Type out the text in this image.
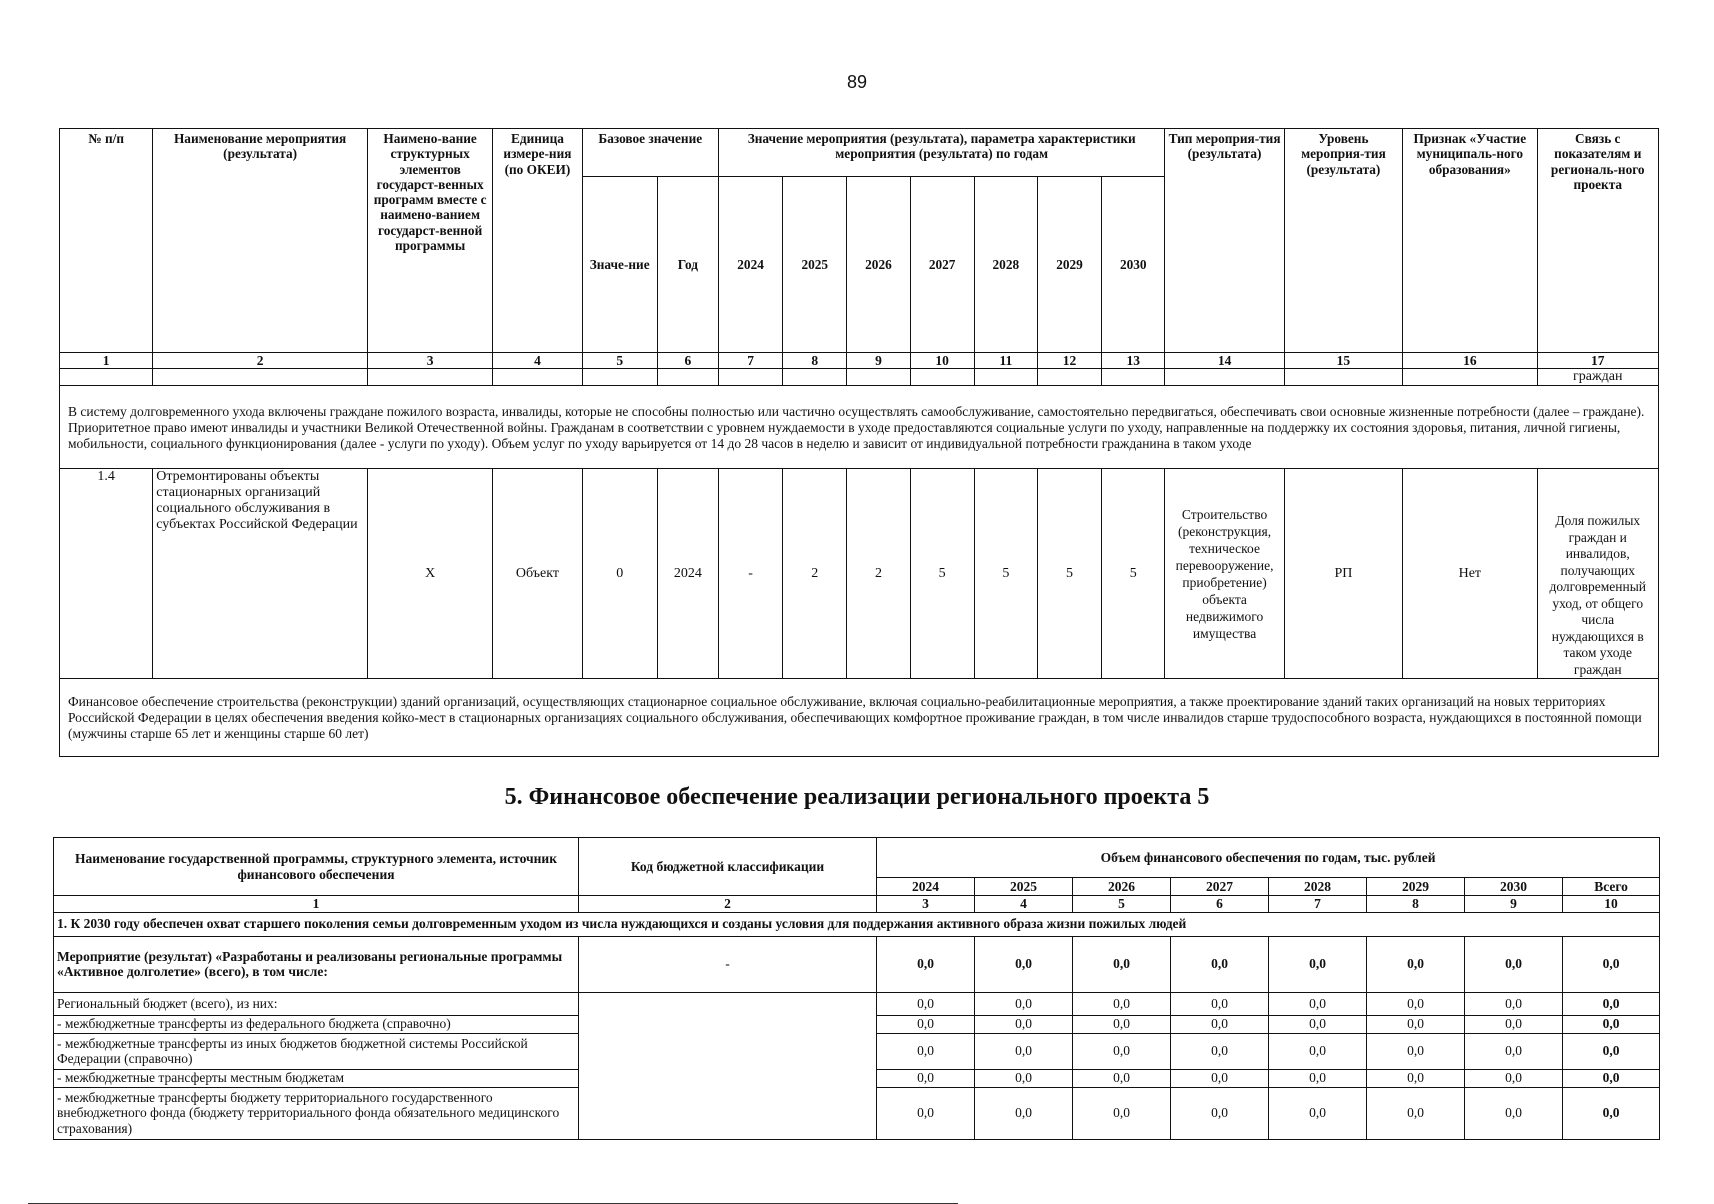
89
№ п/п	Наименование мероприятия (результата)	Наимено-вание структурных элементов государст-венных программ вместе с наимено-ванием государст-венной программы	Единица измере-ния (по ОКЕИ)	Базовое значение		Значение мероприятия (результата), параметра характеристики мероприятия (результата) по годам							Тип мероприя-тия (результата)	Уровень мероприя-тия (результата)	Признак «Участие муниципаль-ного образования»	Связь с показателям и региональ-ного проекта
				Значе-ние	Год	2024	2025	2026	2027	2028	2029	2030				
1	2	3	4	5	6	7	8	9	10	11	12	13	14	15	16	17
																граждан
В систему долговременного ухода включены граждане пожилого возраста, инвалиды, которые не способны полностью или частично осуществлять самообслуживание, самостоятельно передвигаться, обеспечивать свои основные жизненные потребности (далее – граждане). Приоритетное право имеют инвалиды и участники Великой Отечественной войны. Гражданам в соответствии с уровнем нуждаемости в уходе предоставляются социальные услуги по уходу, направленные на поддержку их состояния здоровья, питания, личной гигиены, мобильности, социального функционирования (далее - услуги по уходу). Объем услуг по уходу варьируется от 14 до 28 часов в неделю и зависит от индивидуальной потребности гражданина в таком уходе																
1.4	Отремонтированы объекты стационарных организаций социального обслуживания в субъектах Российской Федерации	Х	Объект	0	2024	-	2	2	5	5	5	5	Строительство (реконструкция, техническое перевооружение, приобретение) объекта недвижимого имущества	РП	Нет	Доля пожилых граждан и инвалидов, получающих долговременный уход, от общего числа нуждающихся в таком уходе граждан
Финансовое обеспечение строительства (реконструкции) зданий организаций, осуществляющих стационарное социальное обслуживание, включая социально-реабилитационные мероприятия, а также проектирование зданий таких организаций на новых территориях Российской Федерации в целях обеспечения введения койко-мест в стационарных организациях социального обслуживания, обеспечивающих комфортное проживание граждан, в том числе инвалидов старше трудоспособного возраста, нуждающихся в постоянной помощи (мужчины старше 65 лет и женщины старше 60 лет)																
5. Финансовое обеспечение реализации регионального проекта 5
Наименование государственной программы, структурного элемента, источник финансового обеспечения	Код бюджетной классификации	Объем финансового обеспечения по годам, тыс. рублей							
		2024	2025	2026	2027	2028	2029	2030	Всего
1	2	3	4	5	6	7	8	9	10
1. К 2030 году обеспечен охват старшего поколения семьи долговременным уходом из числа нуждающихся и созданы условия для поддержания активного образа жизни пожилых людей									
Мероприятие (результат) «Разработаны и реализованы региональные программы «Активное долголетие» (всего), в том числе:	-	0,0	0,0	0,0	0,0	0,0	0,0	0,0	0,0
Региональный бюджет (всего), из них:		0,0	0,0	0,0	0,0	0,0	0,0	0,0	0,0
- межбюджетные трансферты из федерального бюджета (справочно)		0,0	0,0	0,0	0,0	0,0	0,0	0,0	0,0
- межбюджетные трансферты из иных бюджетов бюджетной системы Российской Федерации (справочно)		0,0	0,0	0,0	0,0	0,0	0,0	0,0	0,0
- межбюджетные трансферты местным бюджетам		0,0	0,0	0,0	0,0	0,0	0,0	0,0	0,0
- межбюджетные трансферты бюджету территориального государственного внебюджетного фонда (бюджету территориального фонда обязательного медицинского страхования)		0,0	0,0	0,0	0,0	0,0	0,0	0,0	0,0
